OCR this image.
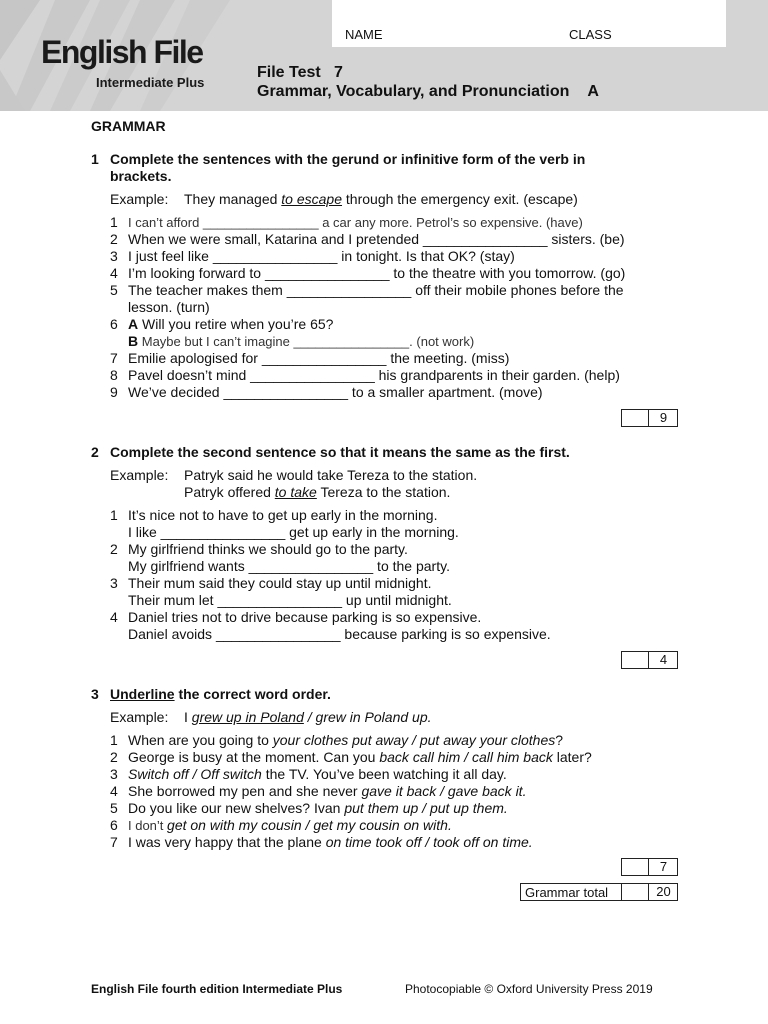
English File
Intermediate Plus
NAME	CLASS
File Test   7
Grammar, Vocabulary, and Pronunciation A
GRAMMAR
1 Complete the sentences with the gerund or infinitive form of the verb in brackets.
Example: They managed to escape through the emergency exit. (escape)
1 I can’t afford ________________ a car any more. Petrol’s so expensive. (have)
2 When we were small, Katarina and I pretended ________________ sisters. (be)
3 I just feel like ________________ in tonight. Is that OK? (stay)
4 I’m looking forward to ________________ to the theatre with you tomorrow. (go)
5 The teacher makes them ________________ off their mobile phones before the
lesson. (turn)
6 A Will you retire when you’re 65?
B Maybe but I can’t imagine ________________. (not work)
7 Emilie apologised for ________________ the meeting. (miss)
8 Pavel doesn’t mind ________________ his grandparents in their garden. (help)
9 We’ve decided ________________ to a smaller apartment. (move)
9
2 Complete the second sentence so that it means the same as the first.
Example: Patryk said he would take Tereza to the station.
Patryk offered to take Tereza to the station.
1 It’s nice not to have to get up early in the morning.
I like ________________ get up early in the morning.
2 My girlfriend thinks we should go to the party.
My girlfriend wants ________________ to the party.
3 Their mum said they could stay up until midnight.
Their mum let ________________ up until midnight.
4 Daniel tries not to drive because parking is so expensive.
Daniel avoids ________________ because parking is so expensive.
4
3 Underline the correct word order.
Example: I grew up in Poland / grew in Poland up.
1 When are you going to your clothes put away / put away your clothes?
2 George is busy at the moment. Can you back call him / call him back later?
3 Switch off / Off switch the TV. You’ve been watching it all day.
4 She borrowed my pen and she never gave it back / gave back it.
5 Do you like our new shelves? Ivan put them up / put up them.
6 I don’t get on with my cousin / get my cousin on with.
7 I was very happy that the plane on time took off / took off on time.
7
Grammar total	20
English File fourth edition Intermediate Plus	Photocopiable © Oxford University Press 2019
